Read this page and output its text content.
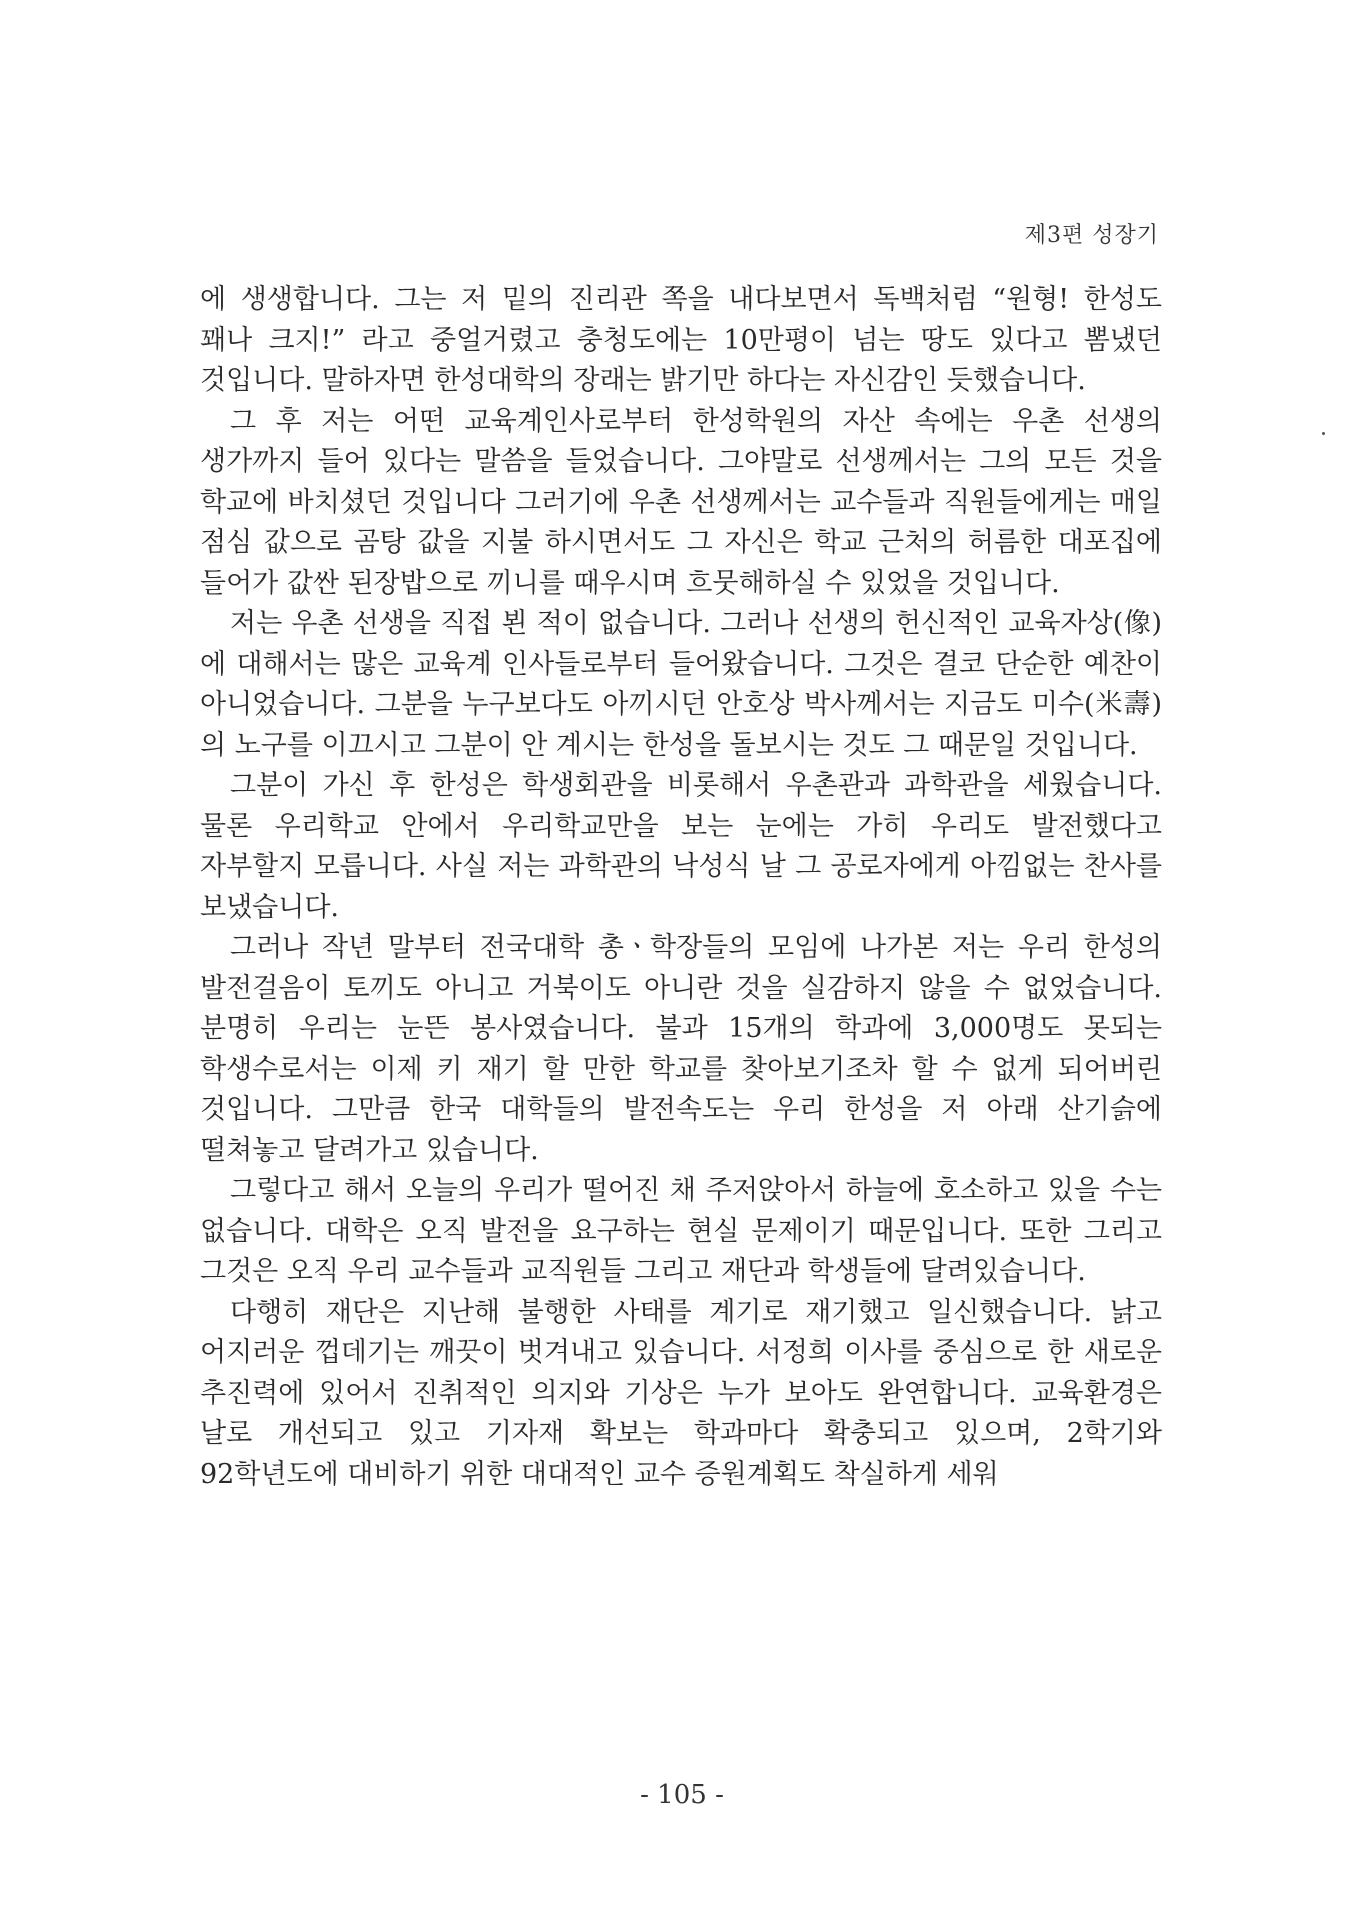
제3편 성장기

에 생생합니다. 그는 저 밑의 진리관 쪽을 내다보면서 독백처럼 “원형! 한성도 꽤나 크지!” 라고 중얼거렸고 충청도에는 10만평이 넘는 땅도 있다고 뽐냈던 것입니다. 말하자면 한성대학의 장래는 밝기만 하다는 자신감인 듯했습니다.

그 후 저는 어떤 교육계인사로부터 한성학원의 자산 속에는 우촌 선생의 생가까지 들어 있다는 말씀을 들었습니다. 그야말로 선생께서는 그의 모든 것을 학교에 바치셨던 것입니다 그러기에 우촌 선생께서는 교수들과 직원들에게는 매일 점심 값으로 곰탕 값을 지불 하시면서도 그 자신은 학교 근처의 허름한 대포집에 들어가 값싼 된장밥으로 끼니를 때우시며 흐뭇해하실 수 있었을 것입니다.

저는 우촌 선생을 직접 뵌 적이 없습니다. 그러나 선생의 헌신적인 교육자상(像)에 대해서는 많은 교육계 인사들로부터 들어왔습니다. 그것은 결코 단순한 예찬이 아니었습니다. 그분을 누구보다도 아끼시던 안호상 박사께서는 지금도 미수(米壽)의 노구를 이끄시고 그분이 안 계시는 한성을 돌보시는 것도 그 때문일 것입니다.

그분이 가신 후 한성은 학생회관을 비롯해서 우촌관과 과학관을 세웠습니다. 물론 우리학교 안에서 우리학교만을 보는 눈에는 가히 우리도 발전했다고 자부할지 모릅니다. 사실 저는 과학관의 낙성식 날 그 공로자에게 아낌없는 찬사를 보냈습니다.

그러나 작년 말부터 전국대학 총ㆍ학장들의 모임에 나가본 저는 우리 한성의 발전걸음이 토끼도 아니고 거북이도 아니란 것을 실감하지 않을 수 없었습니다. 분명히 우리는 눈뜬 봉사였습니다. 불과 15개의 학과에 3,000명도 못되는 학생수로서는 이제 키 재기 할 만한 학교를 찾아보기조차 할 수 없게 되어버린 것입니다. 그만큼 한국 대학들의 발전속도는 우리 한성을 저 아래 산기슭에 떨쳐놓고 달려가고 있습니다.

그렇다고 해서 오늘의 우리가 떨어진 채 주저앉아서 하늘에 호소하고 있을 수는 없습니다. 대학은 오직 발전을 요구하는 현실 문제이기 때문입니다. 또한 그리고 그것은 오직 우리 교수들과 교직원들 그리고 재단과 학생들에 달려있습니다.

다행히 재단은 지난해 불행한 사태를 계기로 재기했고 일신했습니다. 낡고 어지러운 껍데기는 깨끗이 벗겨내고 있습니다. 서정희 이사를 중심으로 한 새로운 추진력에 있어서 진취적인 의지와 기상은 누가 보아도 완연합니다. 교육환경은 날로 개선되고 있고 기자재 확보는 학과마다 확충되고 있으며, 2학기와 92학년도에 대비하기 위한 대대적인 교수 증원계획도 착실하게 세워

- 105 -
